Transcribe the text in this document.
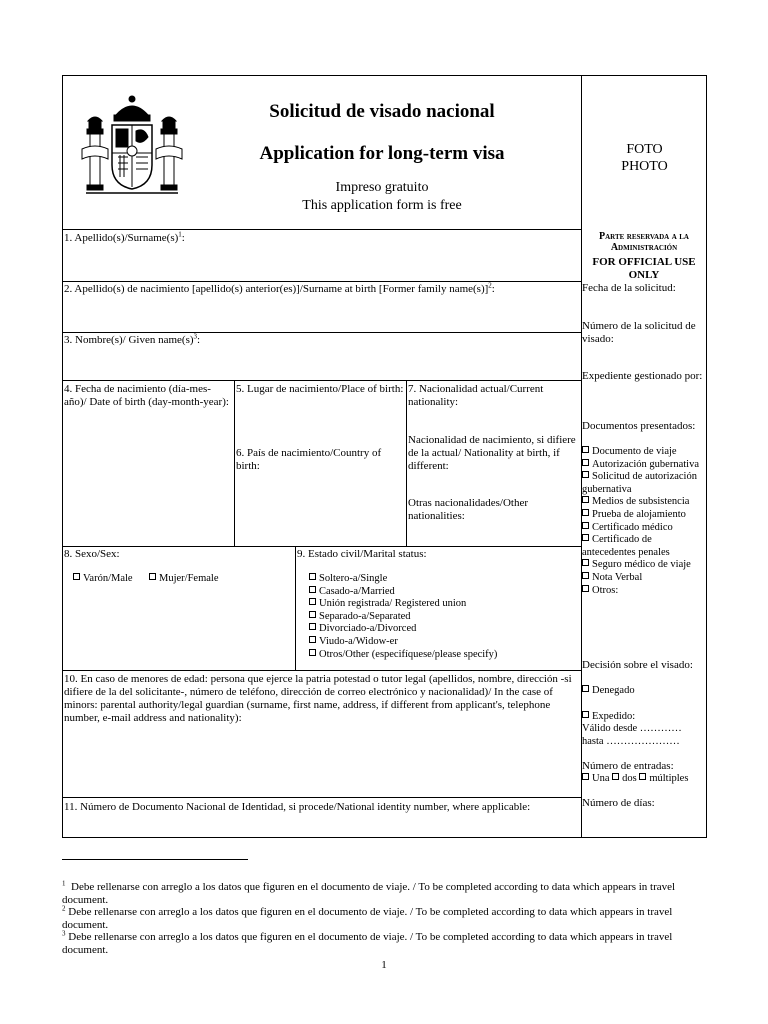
Solicitud de visado nacional
Application for long-term visa
Impreso gratuito
This application form is free
FOTO
PHOTO
1. $Apellido(s)/Surname(s)^1$:
2. Apellido(s) de nacimiento [apellido(s) anterior(es)]/Surname at birth [Former family name(s)]$^2$:
3. Nombre(s)/ Given $name(s)^3$:
4. Fecha de nacimiento (día-mes-año)/ Date of birth (day-month-year):
5. Lugar de nacimiento/Place of birth:
6. País de nacimiento/Country of birth:
7. Nacionalidad actual/Current nationality:
Nacionalidad de nacimiento, si difiere de la actual/ Nationality at birth, if different:
Otras nacionalidades/Other nationalities:
8. Sexo/Sex:
Varón/Male	Mujer/Female
9. Estado civil/Marital status:
Soltero-a/Single
Casado-a/Married
Unión registrada/ Registered union
Separado-a/Separated
Divorciado-a/Divorced
Viudo-a/Widow-er
Otros/Other (especifíquese/please specify)
10. En caso de menores de edad: persona que ejerce la patria potestad o tutor legal (apellidos, nombre, dirección -si difiere de la del solicitante-, número de teléfono, dirección de correo electrónico y nacionalidad)/ In the case of minors: parental authority/legal guardian (surname, first name, address, if different from applicant's, telephone number, e-mail address and nationality):
11. Número de Documento Nacional de Identidad, si procede/National identity number, where applicable:
Parte reservada a la Administración
FOR OFFICIAL USE ONLY
Fecha de la solicitud:
Número de la solicitud de visado:
Expediente gestionado por:
Documentos presentados:
Documento de viaje
Autorización gubernativa
Solicitud de autorización gubernativa
Medios de subsistencia
Prueba de alojamiento
Certificado médico
Certificado de antecedentes penales
Seguro médico de viaje
Nota Verbal
Otros:
Decisión sobre el visado:
Denegado
Expedido:
Válido desde …………
hasta …………………
Número de entradas:
Una dos múltiples
Número de días:
$^1$ Debe rellenarse con arreglo a los datos que figuren en el documento de viaje. / To be completed according to data which appears in travel document.
$^2$ Debe rellenarse con arreglo a los datos que figuren en el documento de viaje. / To be completed according to data which appears in travel document.
$^3$ Debe rellenarse con arreglo a los datos que figuren en el documento de viaje. / To be completed according to data which appears in travel document.
1
